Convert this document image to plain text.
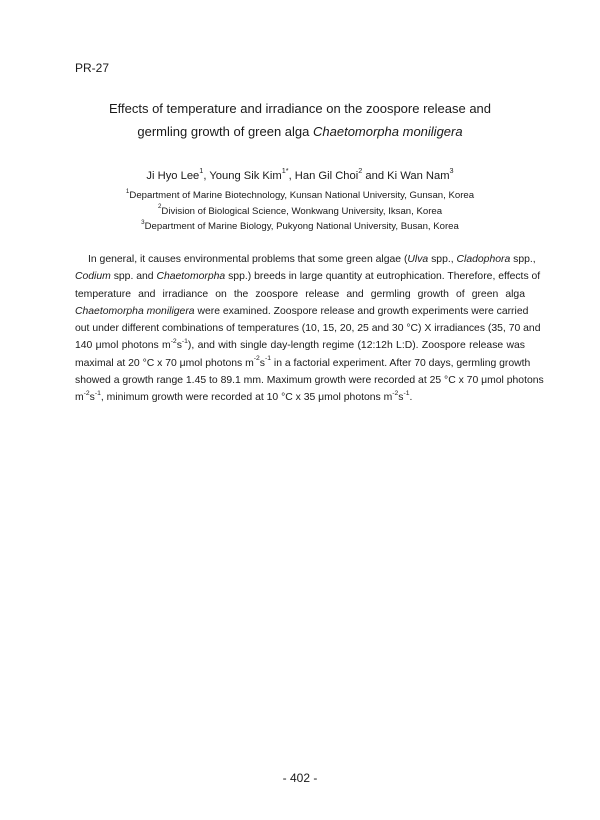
PR-27
Effects of temperature and irradiance on the zoospore release and
germling growth of green alga Chaetomorpha moniligera
Ji Hyo Lee$^1$, Young Sik Kim$^{1*}$, Han Gil Choi$^2$ and Ki Wan Nam$^3$
$^1$Department of Marine Biotechnology, Kunsan National University, Gunsan, Korea
$^2$Division of Biological Science, Wonkwang University, Iksan, Korea
$^3$Department of Marine Biology, Pukyong National University, Busan, Korea
In general, it causes environmental problems that some green algae (Ulva spp., Cladophora spp.,
Codium spp. and Chaetomorpha spp.) breeds in large quantity at eutrophication. Therefore, effects of
temperature and irradiance on the zoospore release and germling growth of green alga
Chaetomorpha moniligera were examined. Zoospore release and growth experiments were carried
out under different combinations of temperatures (10, 15, 20, 25 and 30 °C) X irradiances (35, 70 and
140 μmol photons $m^{-2}s^{-1}$), and with single day-length regime (12:12h L:D). Zoospore release was
maximal at 20 °C x 70 μmol photons $m^{-2}s^{-1}$ in a factorial experiment. After 70 days, germling growth
showed a growth range 1.45 to 89.1 mm. Maximum growth were recorded at 25 °C x 70 μmol photons
$m^{-2}s^{-1}$, minimum growth were recorded at 10 °C x 35 μmol photons $m^{-2}s^{-1}$.
- 402 -
